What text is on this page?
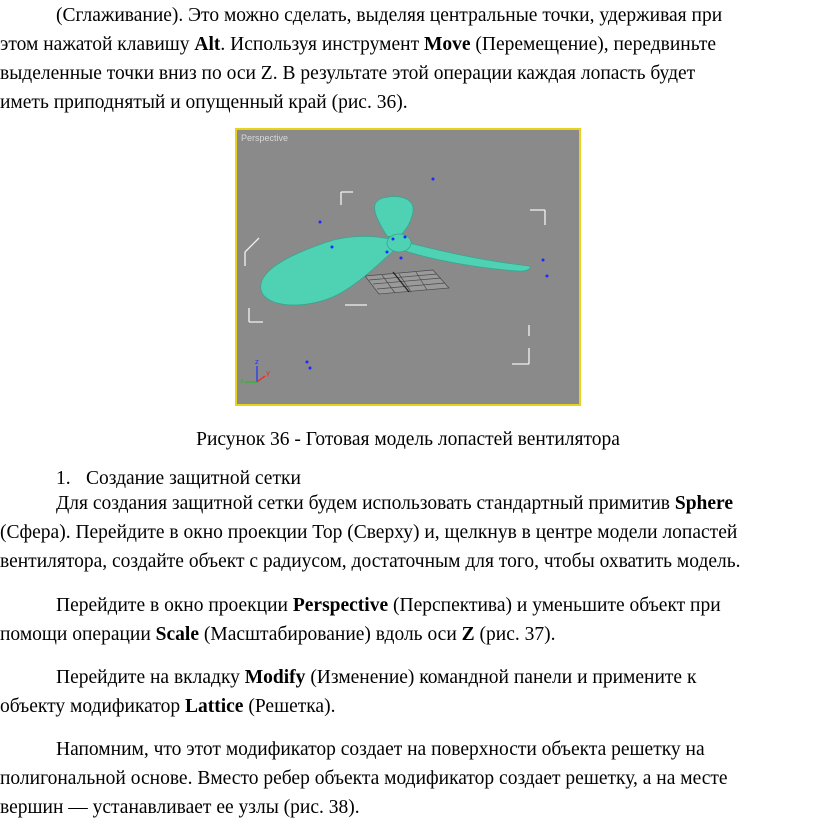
(Сглаживание). Это можно сделать, выделяя центральные точки, удерживая при
этом нажатой клавишу Alt. Используя инструмент Move (Перемещение), передвиньте
выделенные точки вниз по оси Z. В результате этой операции каждая лопасть будет
иметь приподнятый и опущенный край (рис. 36).
Perspective
z
x
y
Рисунок 36 - Готовая модель лопастей вентилятора
1. Создание защитной сетки
Для создания защитной сетки будем использовать стандартный примитив Sphere
(Сфера). Перейдите в окно проекции Top (Сверху) и, щелкнув в центре модели лопастей
вентилятора, создайте объект с радиусом, достаточным для того, чтобы охватить модель.
Перейдите в окно проекции Perspective (Перспектива) и уменьшите объект при
помощи операции Scale (Масштабирование) вдоль оси Z (рис. 37).
Перейдите на вкладку Modify (Изменение) командной панели и примените к
объекту модификатор Lattice (Решетка).
Напомним, что этот модификатор создает на поверхности объекта решетку на
полигональной основе. Вместо ребер объекта модификатор создает решетку, а на месте
вершин — устанавливает ее узлы (рис. 38).
